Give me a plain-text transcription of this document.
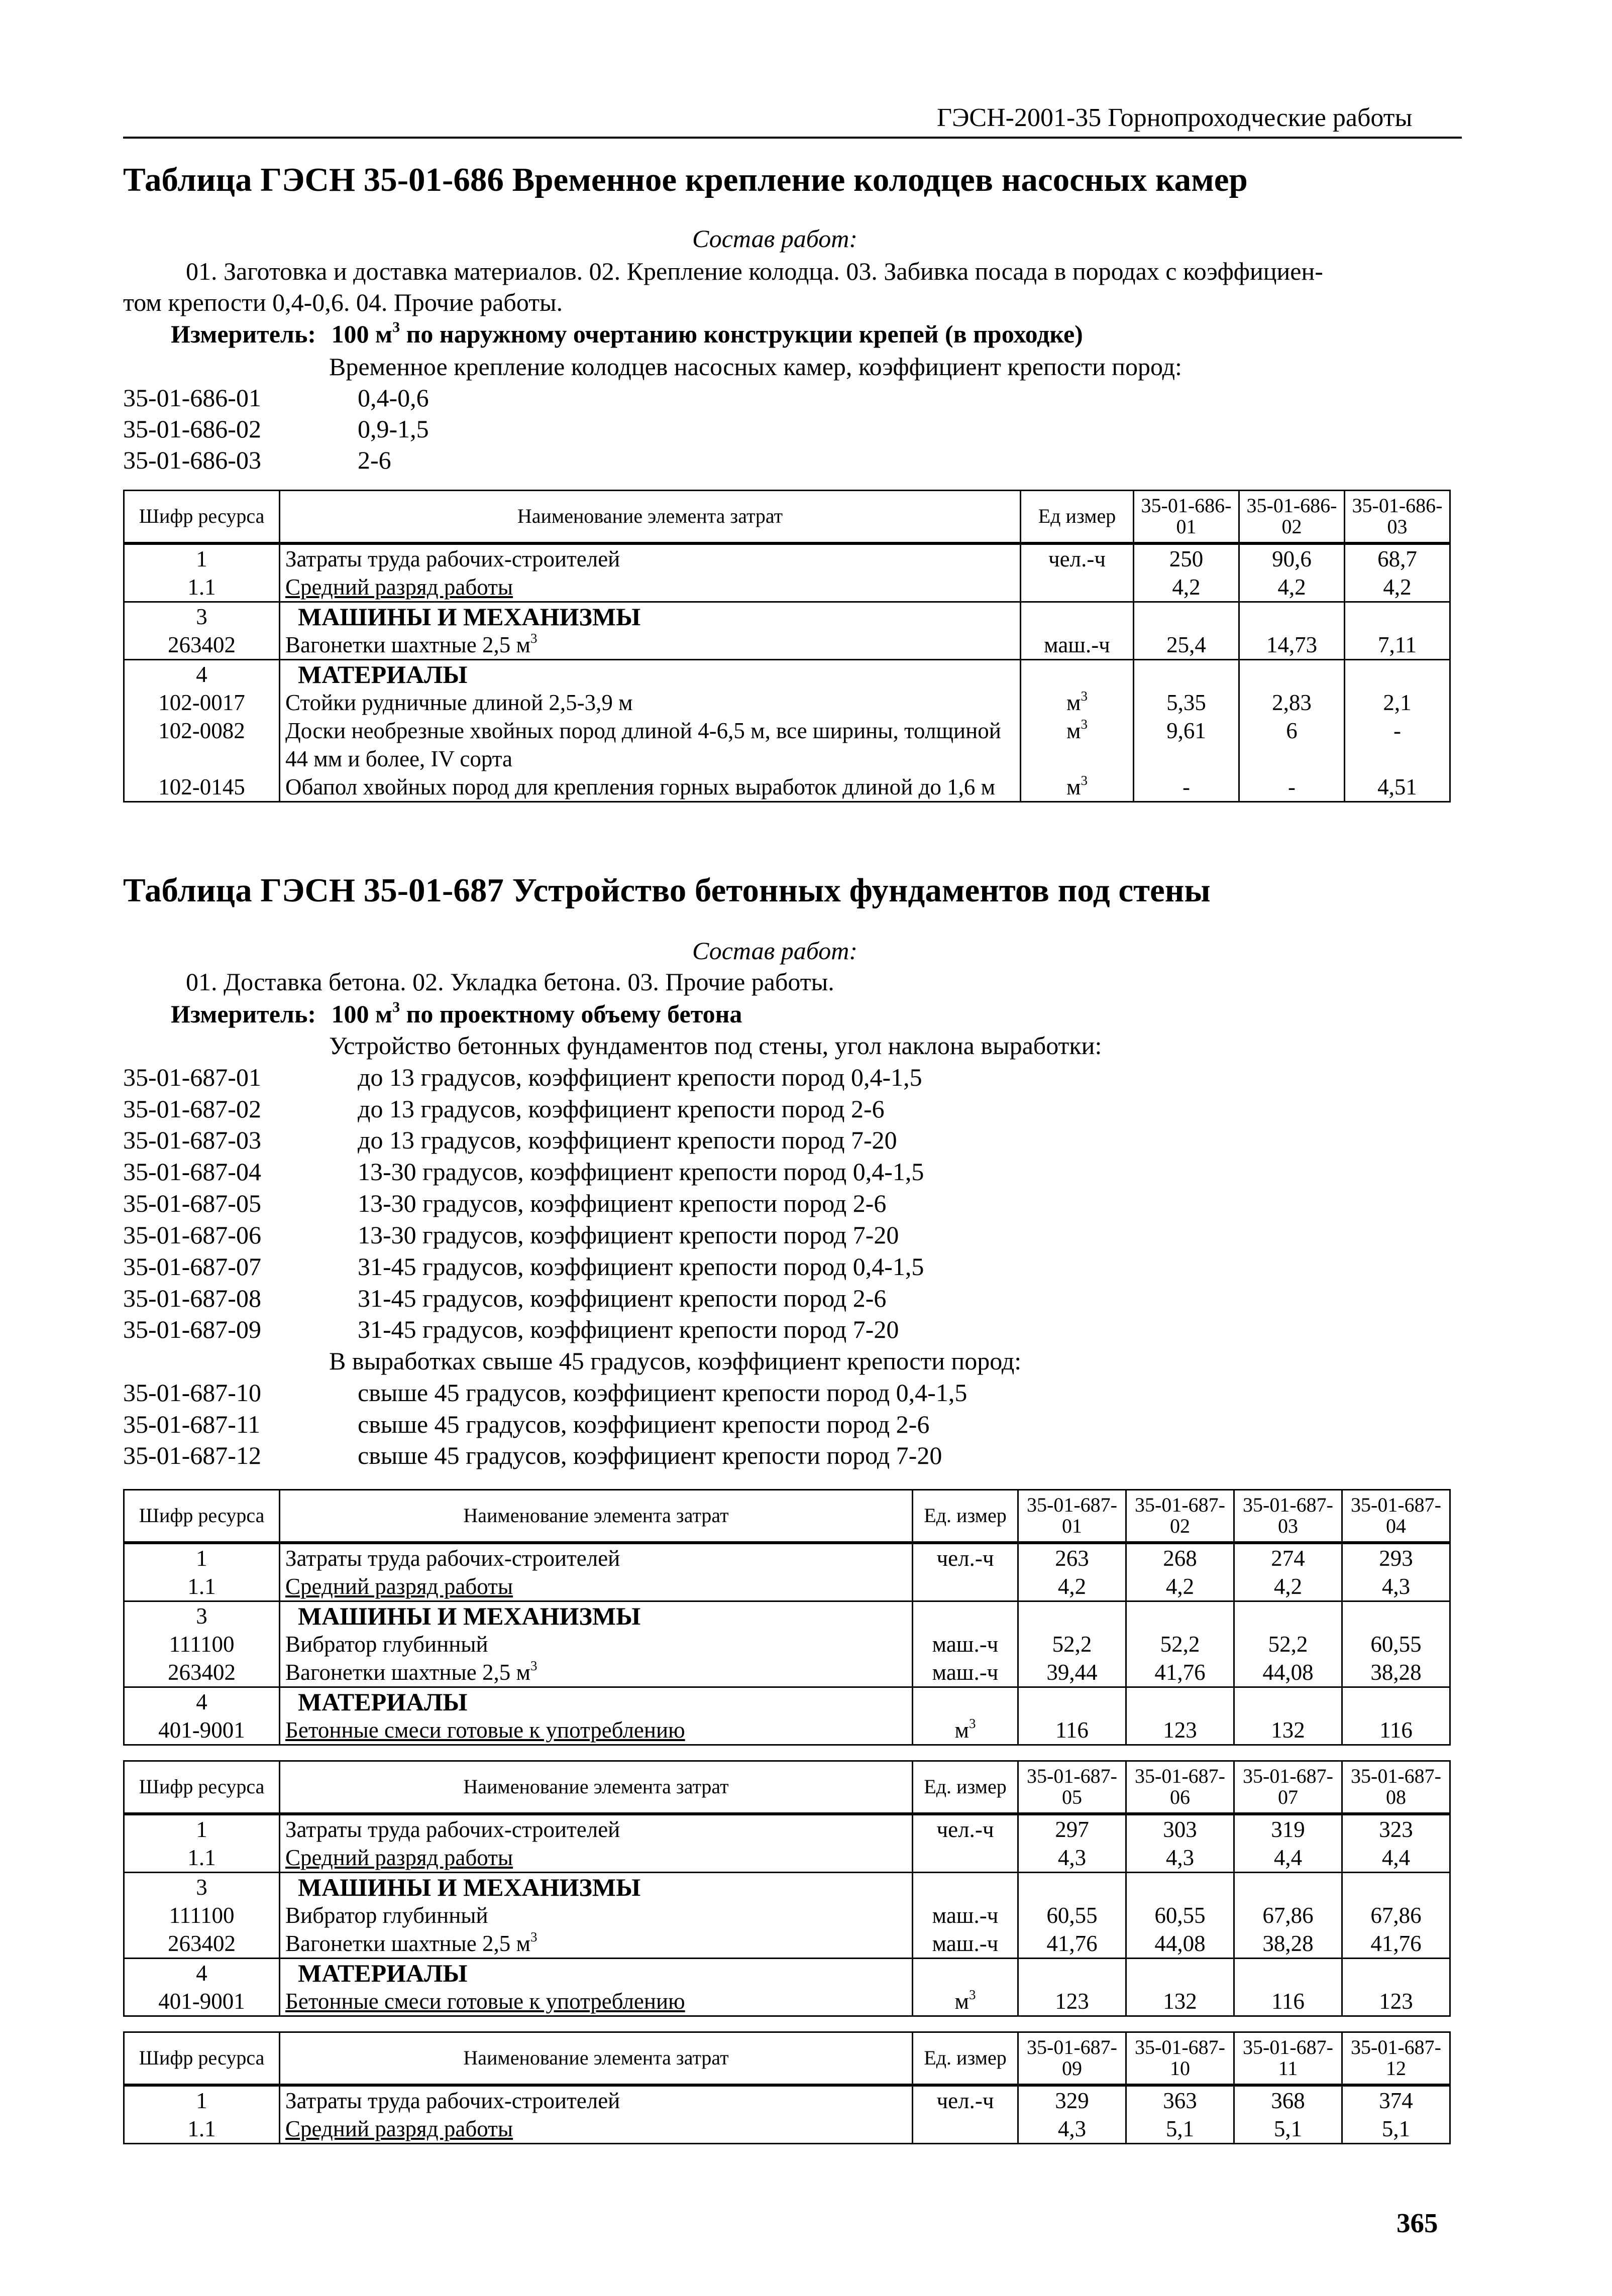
ГЭСН-2001-35 Горнопроходческие работы
Таблица ГЭСН 35-01-686 Временное крепление колодцев насосных камер
Состав работ:
01. Заготовка и доставка материалов. 02. Крепление колодца. 03. Забивка посада в породах с коэффициен-
том крепости 0,4-0,6. 04. Прочие работы.
Измеритель: 100 $м^3$ по наружному очертанию конструкции крепей (в проходке)
Временное крепление колодцев насосных камер, коэффициент крепости пород:
35-01-686-01	0,4-0,6
35-01-686-02	0,9-1,5
35-01-686-03	2-6
Шифр ресурса	Наименование элемента затрат	Ед измер	35-01-686-01	35-01-686-02	35-01-686-03
1	Затраты труда рабочих-строителей	чел.-ч	250	90,6	68,7
1.1	Средний разряд работы		4,2	4,2	4,2
3	МАШИНЫ И МЕХАНИЗМЫ				
263402	Вагонетки шахтные 2,5 $м^3$	маш.-ч	25,4	14,73	7,11
4	МАТЕРИАЛЫ				
102-0017	Стойки рудничные длиной 2,5-3,9 м	$м^3$	5,35	2,83	2,1
102-0082	Доски необрезные хвойных пород длиной 4-6,5 м, все ширины, толщиной 44 мм и более, IV сорта	$м^3$	9,61	6	-
102-0145	Обапол хвойных пород для крепления горных выработок длиной до 1,6 м	$м^3$	-	-	4,51
Таблица ГЭСН 35-01-687 Устройство бетонных фундаментов под стены
Состав работ:
01. Доставка бетона. 02. Укладка бетона. 03. Прочие работы.
Измеритель: 100 $м^3$ по проектному объему бетона
Устройство бетонных фундаментов под стены, угол наклона выработки:
35-01-687-01	до 13 градусов, коэффициент крепости пород 0,4-1,5
35-01-687-02	до 13 градусов, коэффициент крепости пород 2-6
35-01-687-03	до 13 градусов, коэффициент крепости пород 7-20
35-01-687-04	13-30 градусов, коэффициент крепости пород 0,4-1,5
35-01-687-05	13-30 градусов, коэффициент крепости пород 2-6
35-01-687-06	13-30 градусов, коэффициент крепости пород 7-20
35-01-687-07	31-45 градусов, коэффициент крепости пород 0,4-1,5
35-01-687-08	31-45 градусов, коэффициент крепости пород 2-6
35-01-687-09	31-45 градусов, коэффициент крепости пород 7-20
В выработках свыше 45 градусов, коэффициент крепости пород:
35-01-687-10	свыше 45 градусов, коэффициент крепости пород 0,4-1,5
35-01-687-11	свыше 45 градусов, коэффициент крепости пород 2-6
35-01-687-12	свыше 45 градусов, коэффициент крепости пород 7-20
Шифр ресурса	Наименование элемента затрат	Ед. измер	35-01-687-01	35-01-687-02	35-01-687-03	35-01-687-04
1	Затраты труда рабочих-строителей	чел.-ч	263	268	274	293
1.1	Средний разряд работы		4,2	4,2	4,2	4,3
3	МАШИНЫ И МЕХАНИЗМЫ					
111100	Вибратор глубинный	маш.-ч	52,2	52,2	52,2	60,55
263402	Вагонетки шахтные 2,5 $м^3$	маш.-ч	39,44	41,76	44,08	38,28
4	МАТЕРИАЛЫ					
401-9001	Бетонные смеси готовые к употреблению	$м^3$	116	123	132	116
Шифр ресурса	Наименование элемента затрат	Ед. измер	35-01-687-05	35-01-687-06	35-01-687-07	35-01-687-08
1	Затраты труда рабочих-строителей	чел.-ч	297	303	319	323
1.1	Средний разряд работы		4,3	4,3	4,4	4,4
3	МАШИНЫ И МЕХАНИЗМЫ					
111100	Вибратор глубинный	маш.-ч	60,55	60,55	67,86	67,86
263402	Вагонетки шахтные 2,5 $м^3$	маш.-ч	41,76	44,08	38,28	41,76
4	МАТЕРИАЛЫ					
401-9001	Бетонные смеси готовые к употреблению	$м^3$	123	132	116	123
Шифр ресурса	Наименование элемента затрат	Ед. измер	35-01-687-09	35-01-687-10	35-01-687-11	35-01-687-12
1	Затраты труда рабочих-строителей	чел.-ч	329	363	368	374
1.1	Средний разряд работы		4,3	5,1	5,1	5,1
365
